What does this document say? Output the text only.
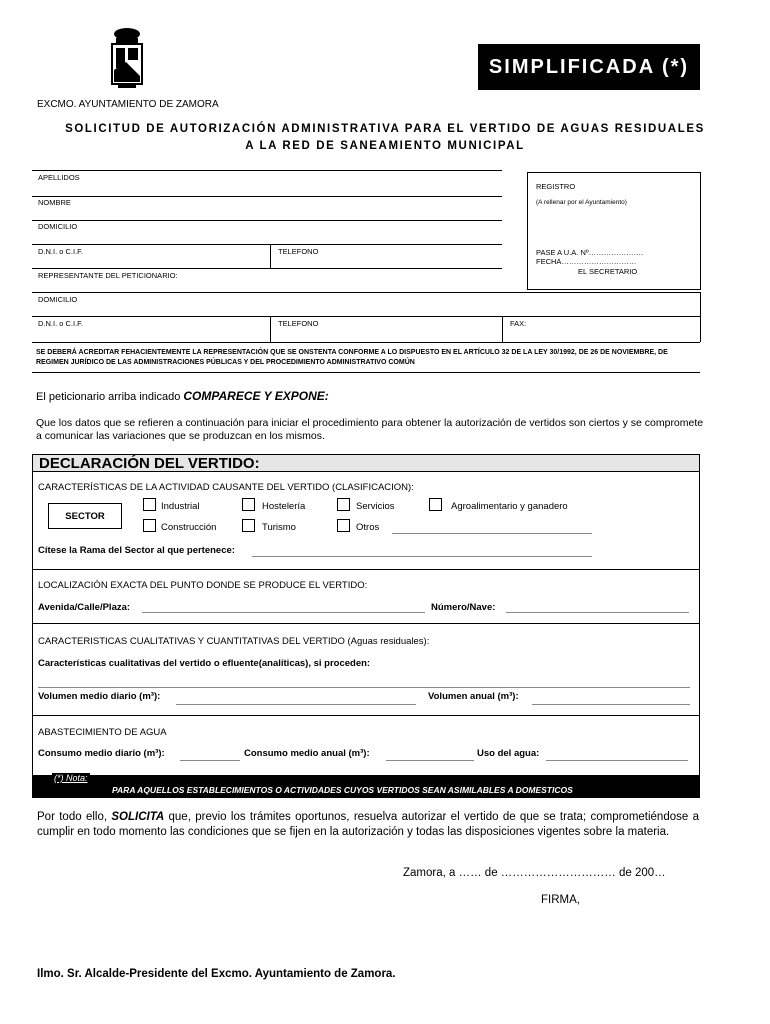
SIMPLIFICADA (*)
EXCMO. AYUNTAMIENTO DE ZAMORA
SOLICITUD DE AUTORIZACIÓN ADMINISTRATIVA PARA EL VERTIDO DE AGUAS RESIDUALES
A LA RED DE SANEAMIENTO MUNICIPAL
APELLIDOS
NOMBRE
DOMICILIO
D.N.I. o C.I.F.	TELEFONO
REPRESENTANTE DEL PETICIONARIO:
DOMICILIO
D.N.I. o C.I.F.	TELEFONO	FAX:
REGISTRO
(A rellenar por el Ayuntamiento)
PASE A U.A. Nº………………….
FECHA…………………………
EL SECRETARIO
SE DEBERÁ ACREDITAR FEHACIENTEMENTE LA REPRESENTACIÓN QUE SE ONSTENTA CONFORME A LO DISPUESTO EN EL ARTÍCULO 32 DE LA LEY 30/1992, DE 26 DE NOVIEMBRE, DE REGIMEN JURÍDICO DE LAS ADMINISTRACIONES PÚBLICAS Y DEL PROCEDIMIENTO ADMINISTRATIVO COMÚN
El peticionario arriba indicado COMPARECE Y EXPONE:
Que los datos que se refieren a continuación para iniciar el procedimiento para obtener la autorización de vertidos son ciertos y se compromete a comunicar las variaciones que se produzcan en los mismos.
DECLARACIÓN DEL VERTIDO:
CARACTERÍSTICAS DE LA ACTIVIDAD CAUSANTE DEL VERTIDO (CLASIFICACION):
SECTOR
Industrial	Hostelería	Servicios	Agroalimentario y ganadero
Construcción	Turismo	Otros
Cítese la Rama del Sector al que pertenece:
LOCALIZACIÓN EXACTA DEL PUNTO DONDE SE PRODUCE EL VERTIDO:
Avenida/Calle/Plaza:	Número/Nave:
CARACTERISTICAS CUALITATIVAS Y CUANTITATIVAS DEL VERTIDO (Aguas residuales):
Características cualitativas del vertido o efluente(analíticas), si proceden:
Volumen medio diario (m³):	Volumen anual (m³):
ABASTECIMIENTO DE AGUA
Consumo medio diario (m³):	Consumo medio anual (m³):	Uso del agua:
(*) Nota:
PARA AQUELLOS ESTABLECIMIENTOS O ACTIVIDADES CUYOS VERTIDOS SEAN ASIMILABLES A DOMESTICOS
Por todo ello, SOLICITA que, previo los trámites oportunos, resuelva autorizar el vertido de que se trata; comprometiéndose a cumplir en todo momento las condiciones que se fijen en la autorización y todas las disposiciones vigentes sobre la materia.
Zamora, a …… de ………………………… de 200…
FIRMA,
Ilmo. Sr. Alcalde-Presidente del Excmo. Ayuntamiento de Zamora.
